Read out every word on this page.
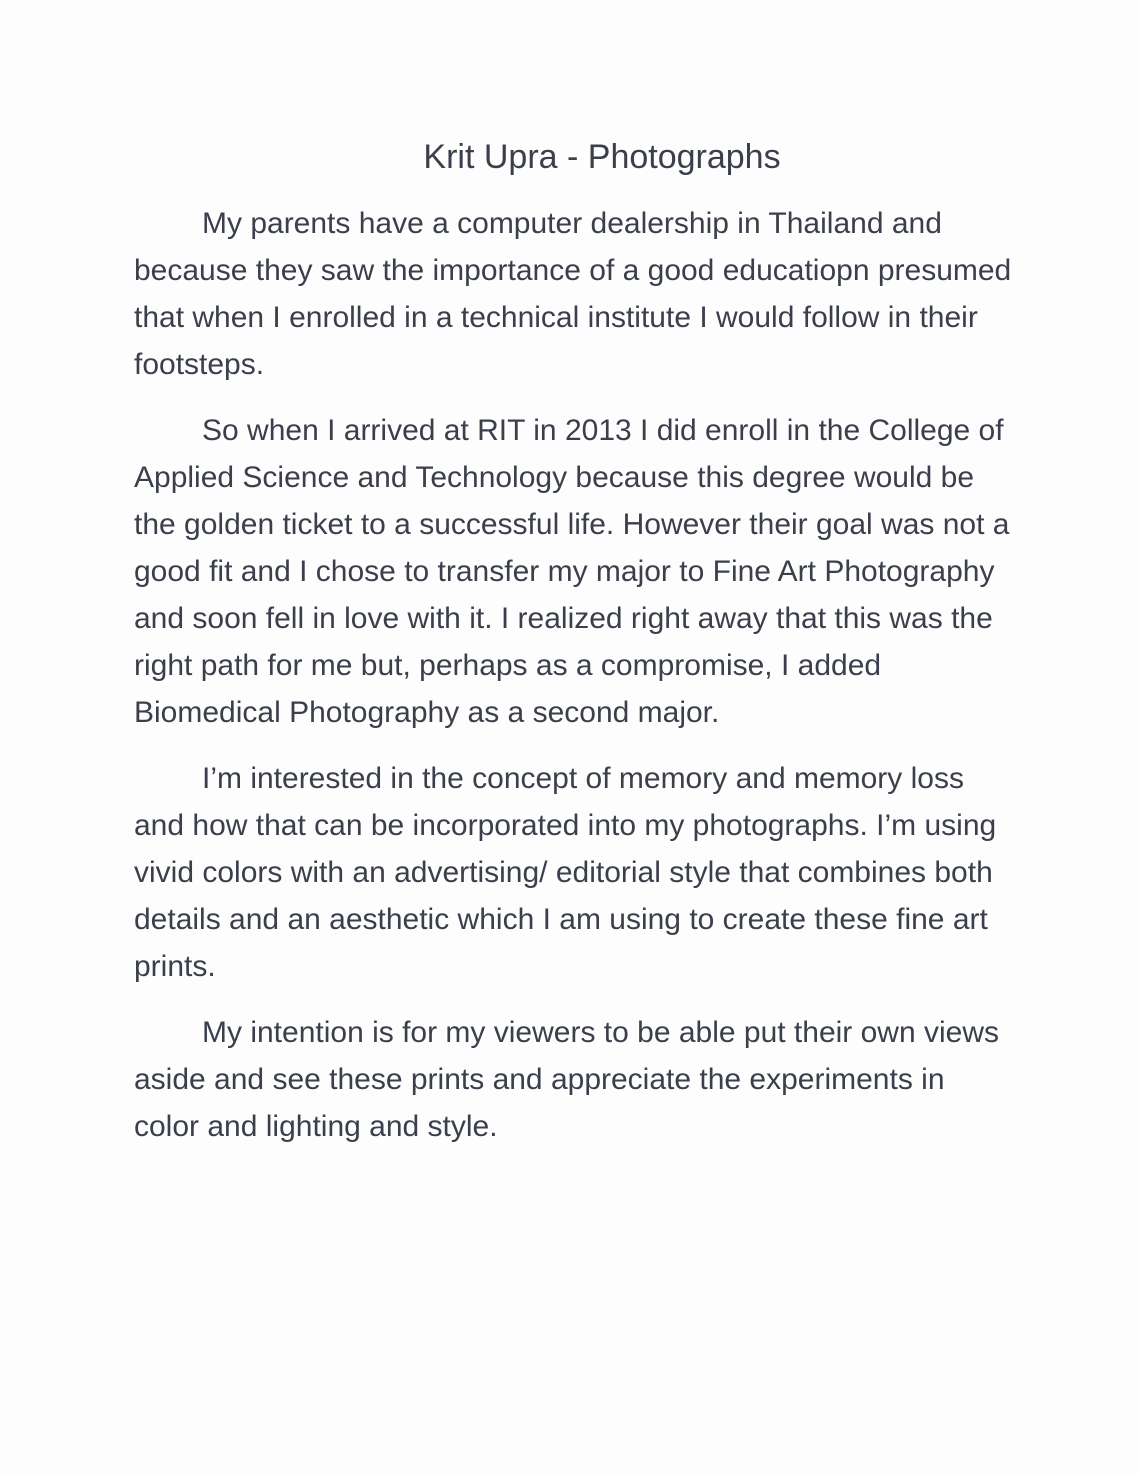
Krit Upra - Photographs

My parents have a computer dealership in Thailand and because they saw the importance of a good educatiopn presumed that when I enrolled in a technical institute I would follow in their footsteps.

So when I arrived at RIT in 2013 I did enroll in the College of Applied Science and Technology because this degree would be the golden ticket to a successful life. However their goal was not a good fit and I chose to transfer my major to Fine Art Photography and soon fell in love with it. I realized right away that this was the right path for me but, perhaps as a compromise, I added Biomedical Photography as a second major.

I’m interested in the concept of memory and memory loss and how that can be incorporated into my photographs. I’m using vivid colors with an advertising/ editorial style that combines both details and an aesthetic which I am using to create these fine art prints.

My intention is for my viewers to be able put their own views aside and see these prints and appreciate the experiments in color and lighting and style.
